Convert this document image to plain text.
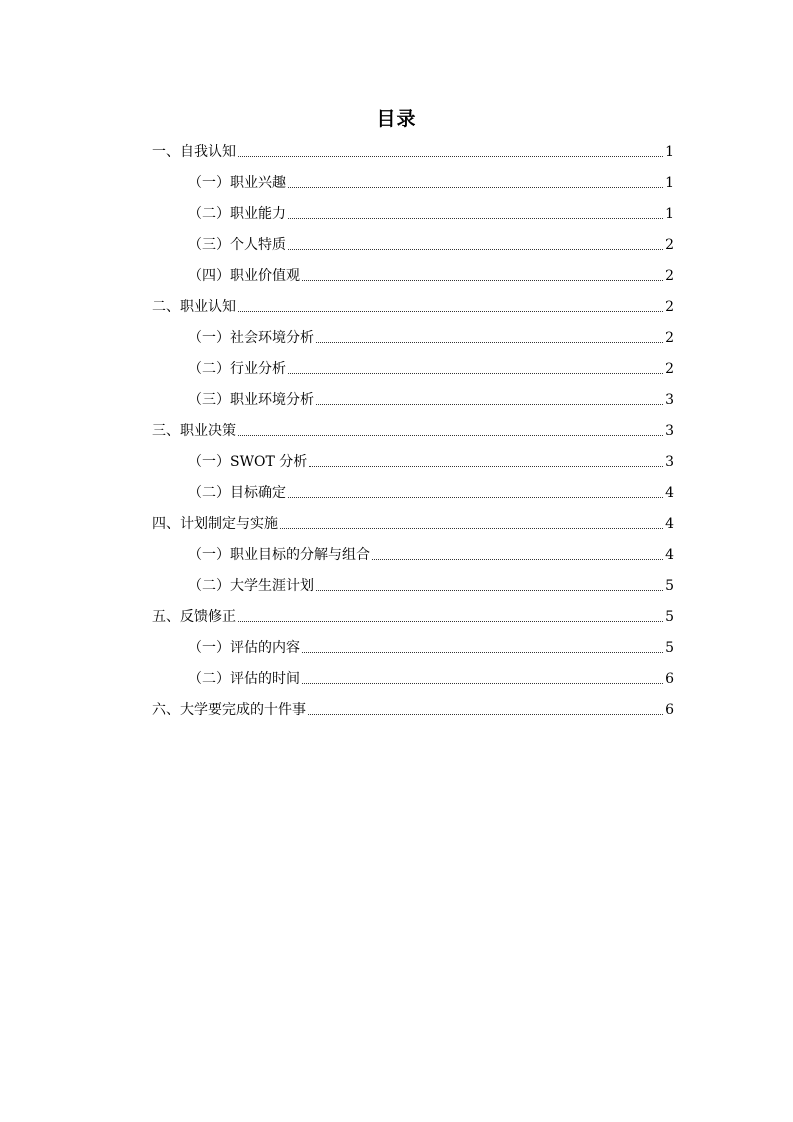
目录
一、自我认知	1
（一）职业兴趣	1
（二）职业能力	1
（三）个人特质	2
（四）职业价值观	2
二、职业认知	2
（一）社会环境分析	2
（二）行业分析	2
（三）职业环境分析	3
三、职业决策	3
（一）SWOT 分析	3
（二）目标确定	4
四、计划制定与实施	4
（一）职业目标的分解与组合	4
（二）大学生涯计划	5
五、反馈修正	5
（一）评估的内容	5
（二）评估的时间	6
六、大学要完成的十件事	6
